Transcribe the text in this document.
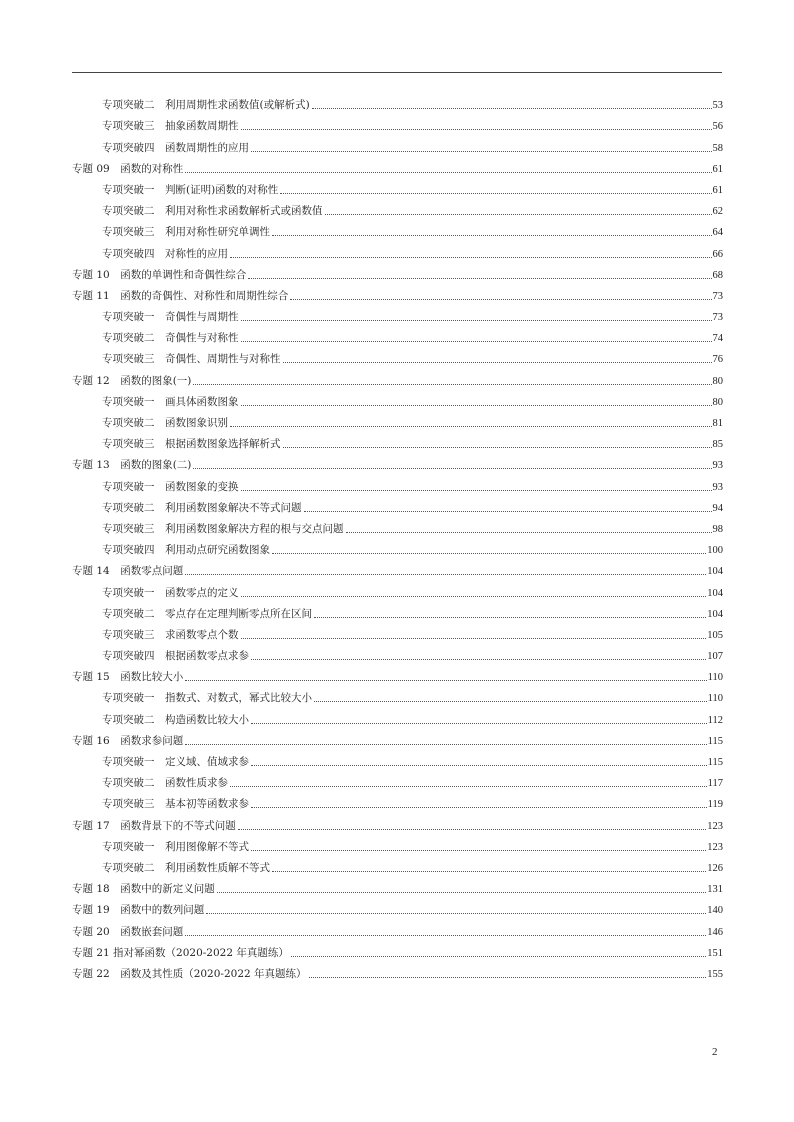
专项突破二　利用周期性求函数值(或解析式)	53
专项突破三　抽象函数周期性	56
专项突破四　函数周期性的应用	58
专题 09　函数的对称性	61
专项突破一　判断(证明)函数的对称性	61
专项突破二　利用对称性求函数解析式或函数值	62
专项突破三　利用对称性研究单调性	64
专项突破四　对称性的应用	66
专题 10　函数的单调性和奇偶性综合	68
专题 11　函数的奇偶性、对称性和周期性综合	73
专项突破一　奇偶性与周期性	73
专项突破二　奇偶性与对称性	74
专项突破三　奇偶性、周期性与对称性	76
专题 12　函数的图象(一)	80
专项突破一　画具体函数图象	80
专项突破二　函数图象识别	81
专项突破三　根据函数图象选择解析式	85
专题 13　函数的图象(二)	93
专项突破一　函数图象的变换	93
专项突破二　利用函数图象解决不等式问题	94
专项突破三　利用函数图象解决方程的根与交点问题	98
专项突破四　利用动点研究函数图象	100
专题 14　函数零点问题	104
专项突破一　函数零点的定义	104
专项突破二　零点存在定理判断零点所在区间	104
专项突破三　求函数零点个数	105
专项突破四　根据函数零点求参	107
专题 15　函数比较大小	110
专项突破一　指数式、对数式，幂式比较大小	110
专项突破二　构造函数比较大小	112
专题 16　函数求参问题	115
专项突破一　定义域、值域求参	115
专项突破二　函数性质求参	117
专项突破三　基本初等函数求参	119
专题 17　函数背景下的不等式问题	123
专项突破一　利用图像解不等式	123
专项突破二　利用函数性质解不等式	126
专题 18　函数中的新定义问题	131
专题 19　函数中的数列问题	140
专题 20　函数嵌套问题	146
专题 21 指对幂函数（2020-2022 年真题练）	151
专题 22　函数及其性质（2020-2022 年真题练）	155
2
